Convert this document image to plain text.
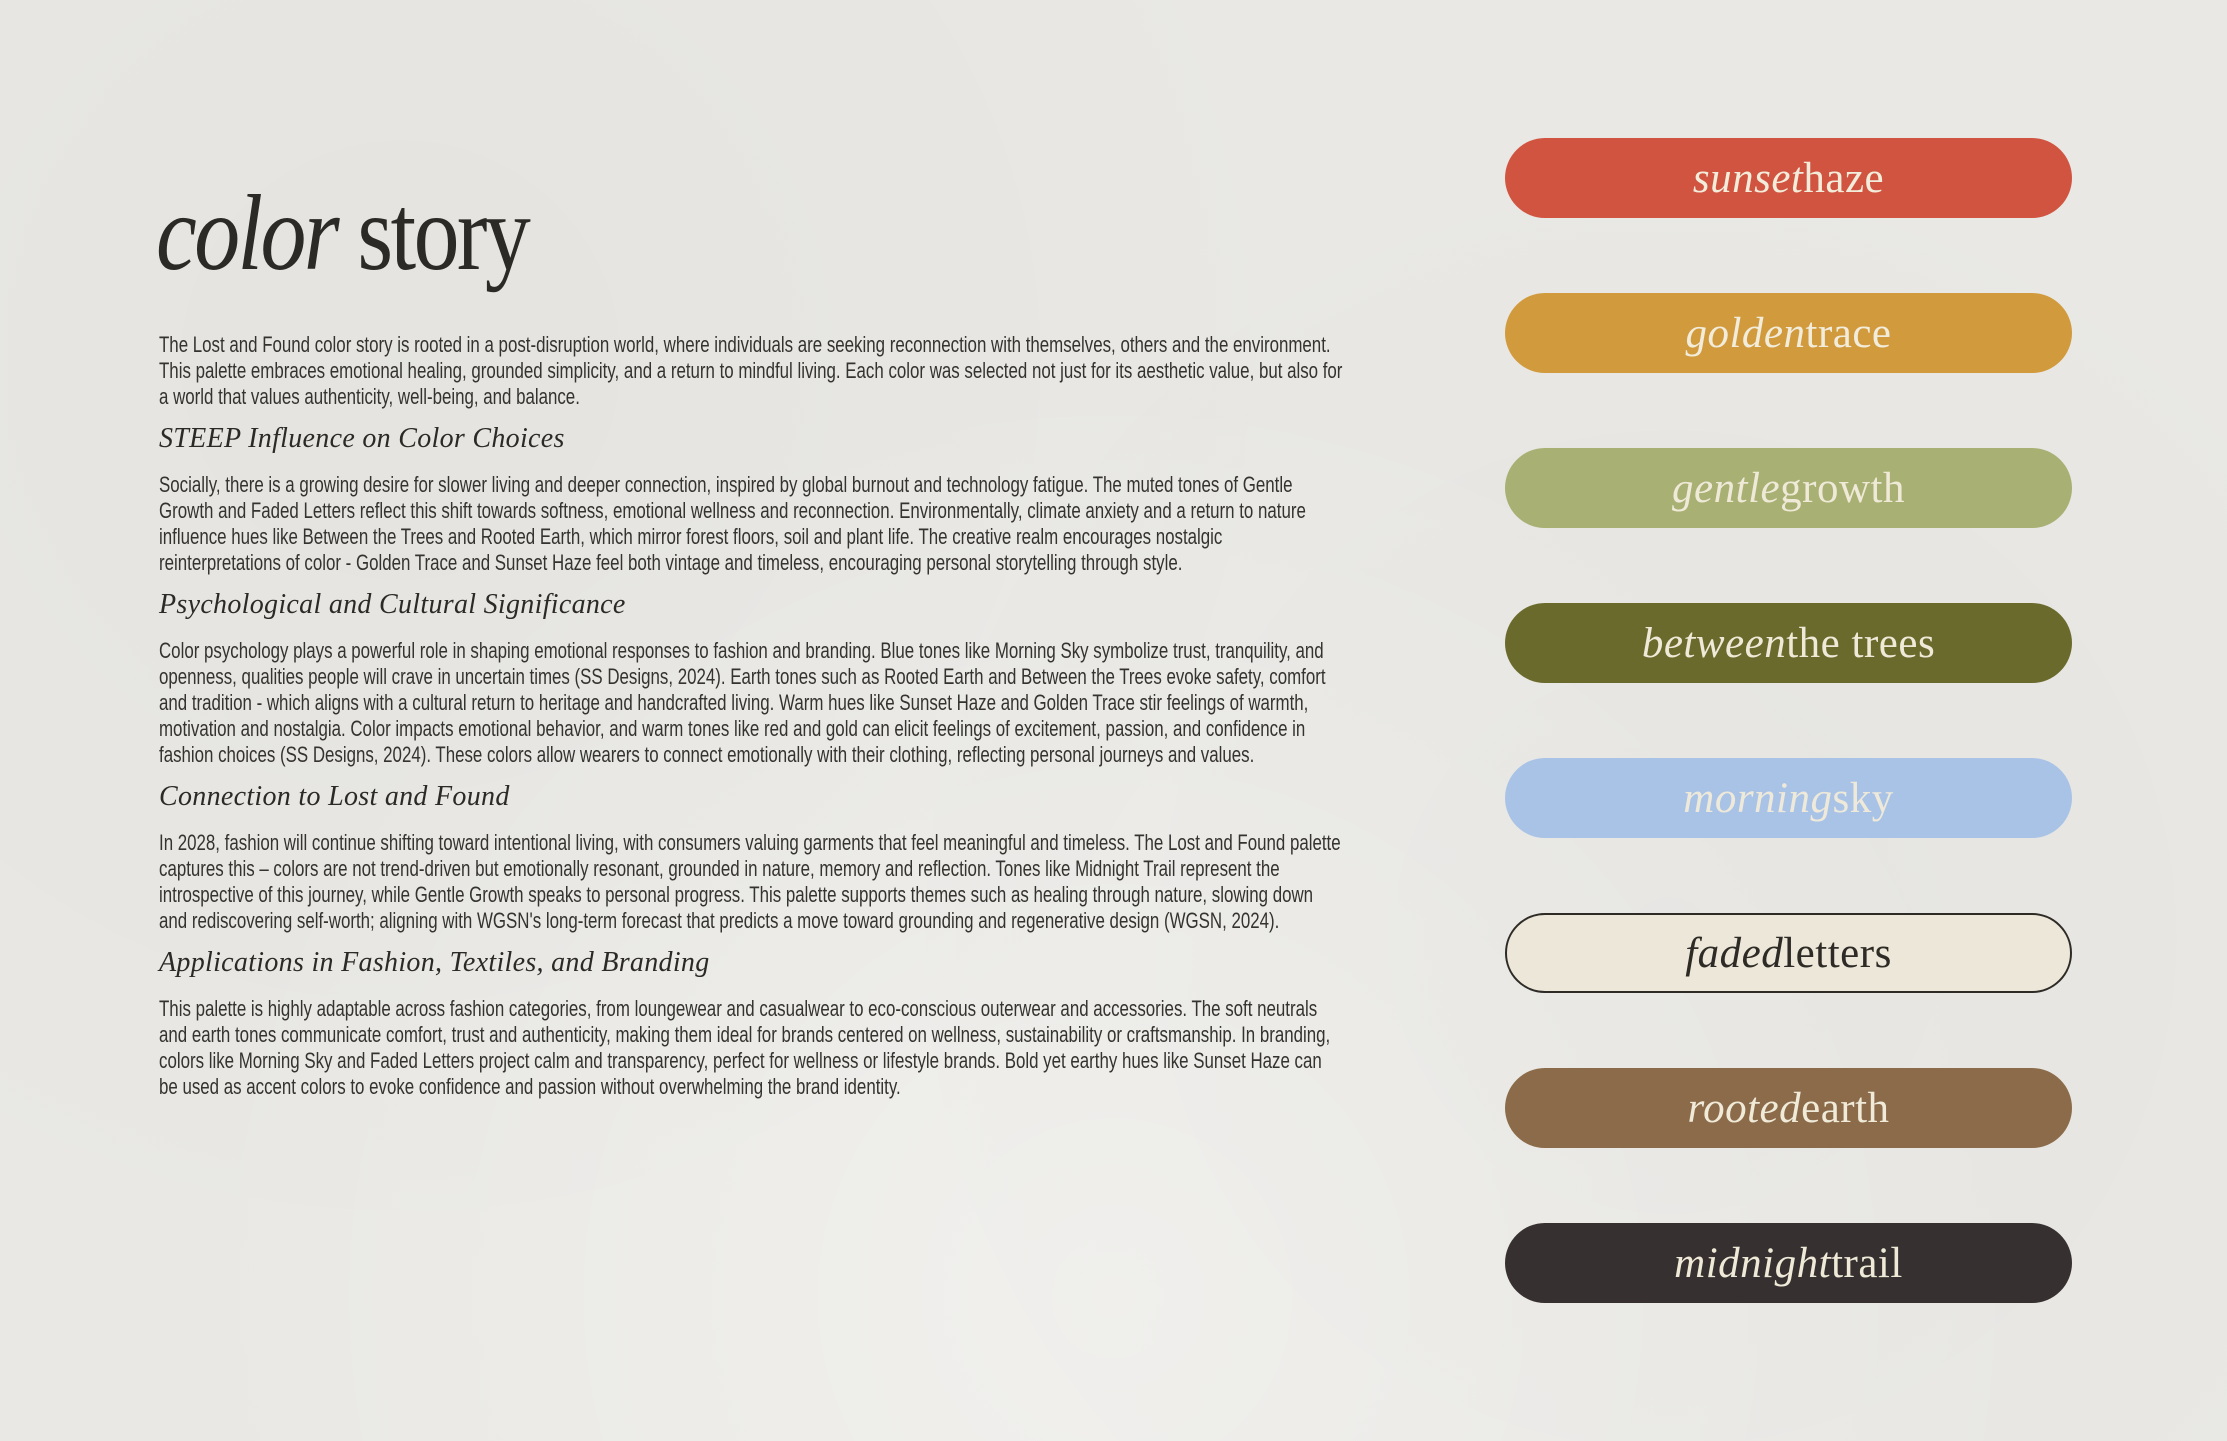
color story

The Lost and Found color story is rooted in a post-disruption world, where individuals are seeking reconnection with themselves, others and the environment. This palette embraces emotional healing, grounded simplicity, and a return to mindful living. Each color was selected not just for its aesthetic value, but also for a world that values authenticity, well-being, and balance.

STEEP Influence on Color Choices

Socially, there is a growing desire for slower living and deeper connection, inspired by global burnout and technology fatigue. The muted tones of Gentle Growth and Faded Letters reflect this shift towards softness, emotional wellness and reconnection. Environmentally, climate anxiety and a return to nature influence hues like Between the Trees and Rooted Earth, which mirror forest floors, soil and plant life. The creative realm encourages nostalgic reinterpretations of color - Golden Trace and Sunset Haze feel both vintage and timeless, encouraging personal storytelling through style.

Psychological and Cultural Significance

Color psychology plays a powerful role in shaping emotional responses to fashion and branding. Blue tones like Morning Sky symbolize trust, tranquility, and openness, qualities people will crave in uncertain times (SS Designs, 2024). Earth tones such as Rooted Earth and Between the Trees evoke safety, comfort and tradition - which aligns with a cultural return to heritage and handcrafted living. Warm hues like Sunset Haze and Golden Trace stir feelings of warmth, motivation and nostalgia. Color impacts emotional behavior, and warm tones like red and gold can elicit feelings of excitement, passion, and confidence in fashion choices (SS Designs, 2024). These colors allow wearers to connect emotionally with their clothing, reflecting personal journeys and values.

Connection to Lost and Found

In 2028, fashion will continue shifting toward intentional living, with consumers valuing garments that feel meaningful and timeless. The Lost and Found palette captures this – colors are not trend-driven but emotionally resonant, grounded in nature, memory and reflection. Tones like Midnight Trail represent the introspective of this journey, while Gentle Growth speaks to personal progress. This palette supports themes such as healing through nature, slowing down and rediscovering self-worth; aligning with WGSN's long-term forecast that predicts a move toward grounding and regenerative design (WGSN, 2024).

Applications in Fashion, Textiles, and Branding

This palette is highly adaptable across fashion categories, from loungewear and casualwear to eco-conscious outerwear and accessories. The soft neutrals and earth tones communicate comfort, trust and authenticity, making them ideal for brands centered on wellness, sustainability or craftsmanship. In branding, colors like Morning Sky and Faded Letters project calm and transparency, perfect for wellness or lifestyle brands. Bold yet earthy hues like Sunset Haze can be used as accent colors to evoke confidence and passion without overwhelming the brand identity.

sunset haze
golden trace
gentle growth
between the trees
morning sky
faded letters
rooted earth
midnight trail
